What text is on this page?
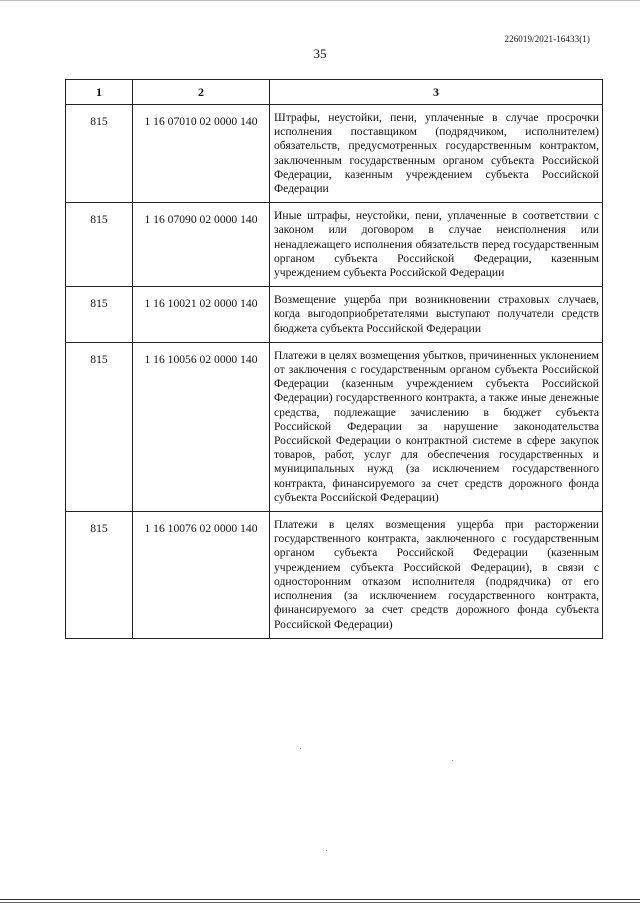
226019/2021-16433(1)
35
1	2	3
815	1 16 07010 02 0000 140	Штрафы, неустойки, пени, уплаченные в случае просрочки исполнения поставщиком (подрядчиком, исполнителем) обязательств, предусмотренных государственным контрактом, заключенным государственным органом субъекта Российской Федерации, казенным учреждением субъекта Российской Федерации
815	1 16 07090 02 0000 140	Иные штрафы, неустойки, пени, уплаченные в соответствии с законом или договором в случае неисполнения или ненадлежащего исполнения обязательств перед государственным органом субъекта Российской Федерации, казенным учреждением субъекта Российской Федерации
815	1 16 10021 02 0000 140	Возмещение ущерба при возникновении страховых случаев, когда выгодоприобретателями выступают получатели средств бюджета субъекта Российской Федерации
815	1 16 10056 02 0000 140	Платежи в целях возмещения убытков, причиненных уклонением от заключения с государственным органом субъекта Российской Федерации (казенным учреждением субъекта Российской Федерации) государственного контракта, а также иные денежные средства, подлежащие зачислению в бюджет субъекта Российской Федерации за нарушение законодательства Российской Федерации о контрактной системе в сфере закупок товаров, работ, услуг для обеспечения государственных и муниципальных нужд (за исключением государственного контракта, финансируемого за счет средств дорожного фонда субъекта Российской Федерации)
815	1 16 10076 02 0000 140	Платежи в целях возмещения ущерба при расторжении государственного контракта, заключенного с государственным органом субъекта Российской Федерации (казенным учреждением субъекта Российской Федерации), в связи с односторонним отказом исполнителя (подрядчика) от его исполнения (за исключением государственного контракта, финансируемого за счет средств дорожного фонда субъекта Российской Федерации)
